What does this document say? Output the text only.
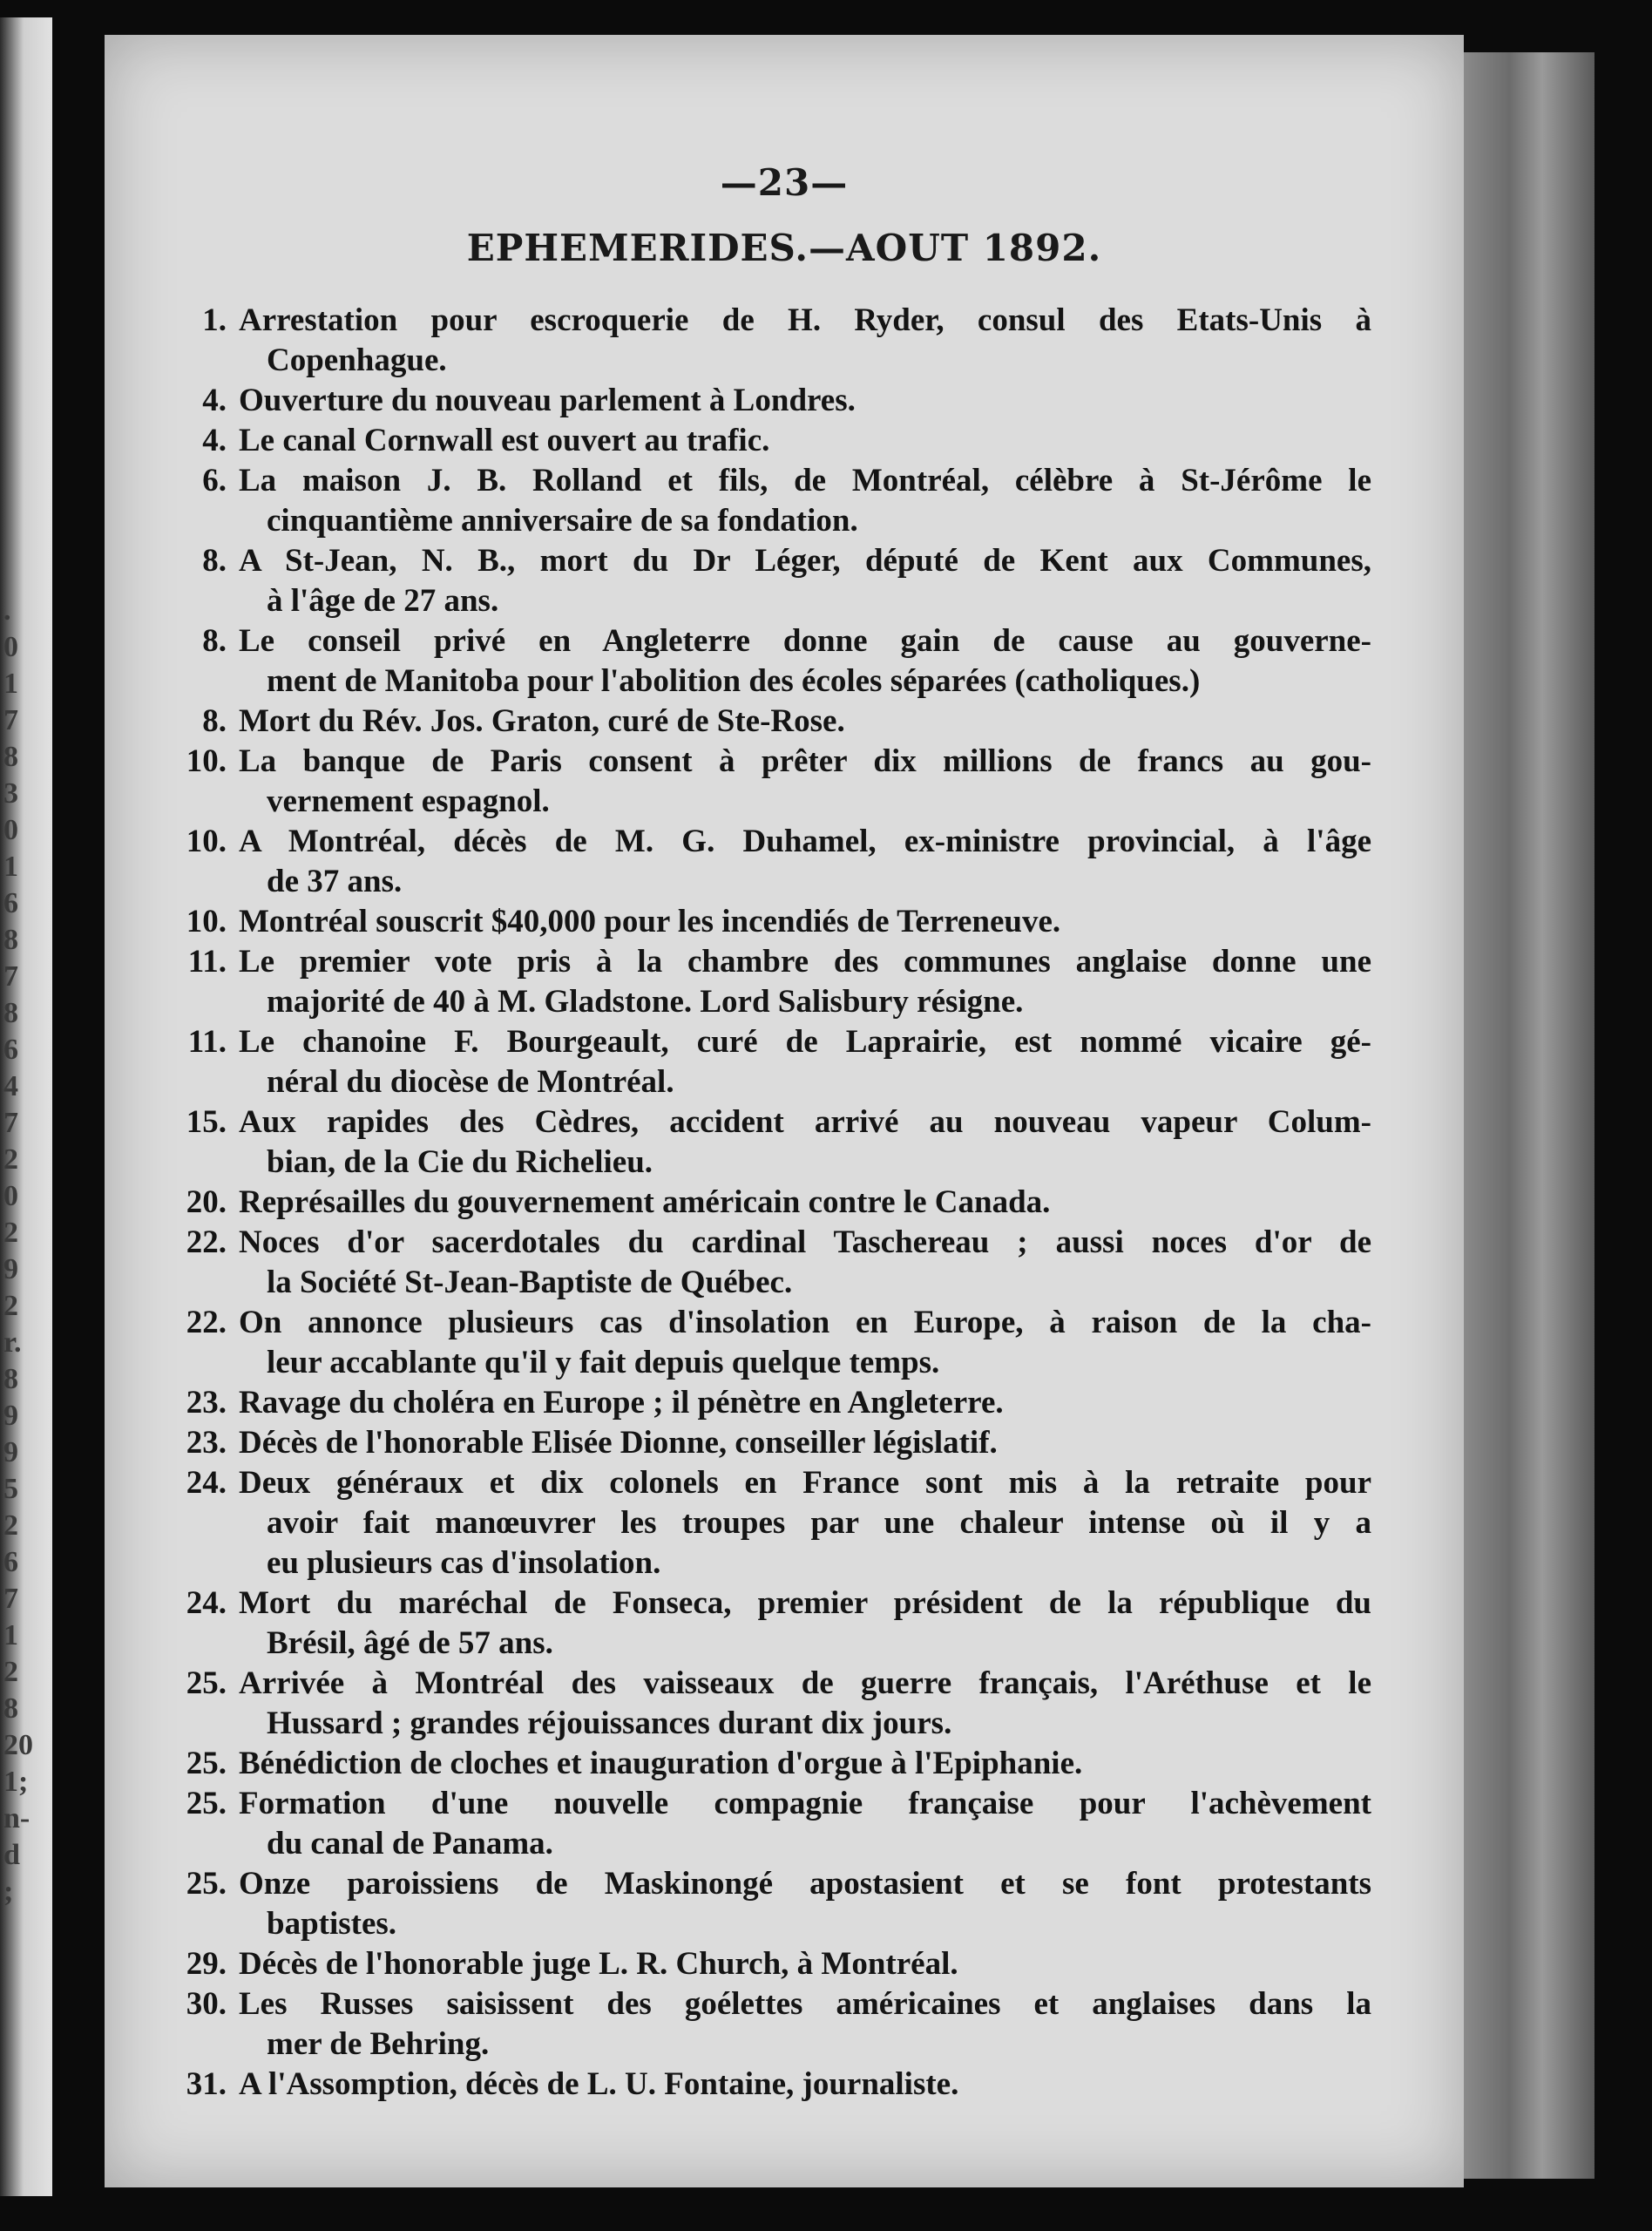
.
0
1
7
8
3
0
1
6
8
7
8
6
4
7
2
0
2
9
2
r.
8
9
9
5
2
6
7
1
2
8
20
1;
n-
d
;
—23—
EPHEMERIDES.—AOUT 1892.
1. Arrestation pour escroquerie de H. Ryder, consul des Etats-Unis à
Copenhague.
4. Ouverture du nouveau parlement à Londres.
4. Le canal Cornwall est ouvert au trafic.
6. La maison J. B. Rolland et fils, de Montréal, célèbre à St-Jérôme le
cinquantième anniversaire de sa fondation.
8. A St-Jean, N. B., mort du Dr Léger, député de Kent aux Communes,
à l'âge de 27 ans.
8. Le conseil privé en Angleterre donne gain de cause au gouverne-
ment de Manitoba pour l'abolition des écoles séparées (catholiques.)
8. Mort du Rév. Jos. Graton, curé de Ste-Rose.
10. La banque de Paris consent à prêter dix millions de francs au gou-
vernement espagnol.
10. A Montréal, décès de M. G. Duhamel, ex-ministre provincial, à l'âge
de 37 ans.
10. Montréal souscrit $40,000 pour les incendiés de Terreneuve.
11. Le premier vote pris à la chambre des communes anglaise donne une
majorité de 40 à M. Gladstone. Lord Salisbury résigne.
11. Le chanoine F. Bourgeault, curé de Laprairie, est nommé vicaire gé-
néral du diocèse de Montréal.
15. Aux rapides des Cèdres, accident arrivé au nouveau vapeur Colum-
bian, de la Cie du Richelieu.
20. Représailles du gouvernement américain contre le Canada.
22. Noces d'or sacerdotales du cardinal Taschereau ; aussi noces d'or de
la Société St-Jean-Baptiste de Québec.
22. On annonce plusieurs cas d'insolation en Europe, à raison de la cha-
leur accablante qu'il y fait depuis quelque temps.
23. Ravage du choléra en Europe ; il pénètre en Angleterre.
23. Décès de l'honorable Elisée Dionne, conseiller législatif.
24. Deux généraux et dix colonels en France sont mis à la retraite pour
avoir fait manœuvrer les troupes par une chaleur intense où il y a
eu plusieurs cas d'insolation.
24. Mort du maréchal de Fonseca, premier président de la république du
Brésil, âgé de 57 ans.
25. Arrivée à Montréal des vaisseaux de guerre français, l'Aréthuse et le
Hussard ; grandes réjouissances durant dix jours.
25. Bénédiction de cloches et inauguration d'orgue à l'Epiphanie.
25. Formation d'une nouvelle compagnie française pour l'achèvement
du canal de Panama.
25. Onze paroissiens de Maskinongé apostasient et se font protestants
baptistes.
29. Décès de l'honorable juge L. R. Church, à Montréal.
30. Les Russes saisissent des goélettes américaines et anglaises dans la
mer de Behring.
31. A l'Assomption, décès de L. U. Fontaine, journaliste.
